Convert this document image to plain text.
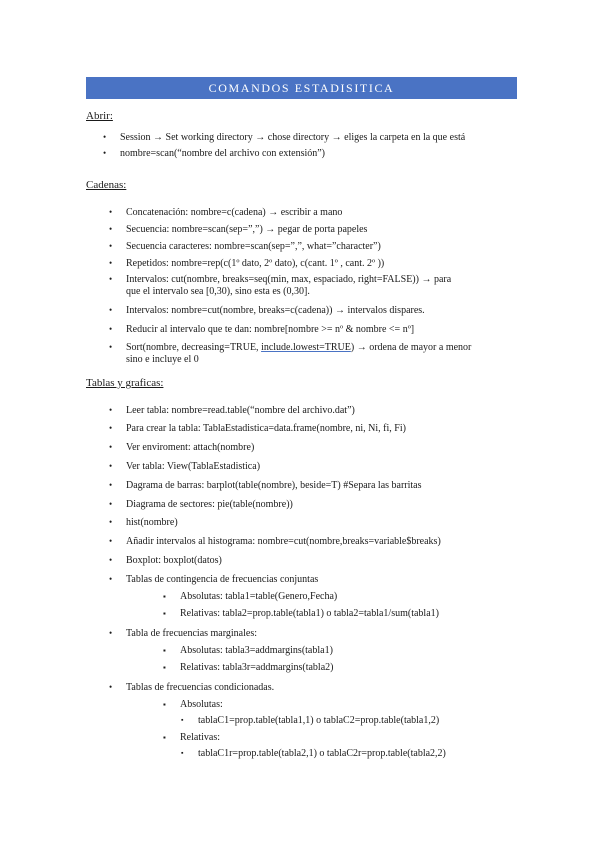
COMANDOS ESTADISITICA
Abrir:
• Session → Set working directory → chose directory → eliges la carpeta en la que está
• nombre=scan(“nombre del archivo con extensión”)
Cadenas:
• Concatenación: nombre=c(cadena) → escribir a mano
• Secuencia: nombre=scan(sep=”,”) → pegar de porta papeles
• Secuencia caracteres: nombre=scan(sep=”,”, what=”character”)
• Repetidos: nombre=rep(c(1º dato, 2º dato), c(cant. 1º , cant. 2º ))
• Intervalos: cut(nombre, breaks=seq(min, max, espaciado, right=FALSE)) → para
que el intervalo sea [0,30), sino esta es (0,30].
• Intervalos: nombre=cut(nombre, breaks=c(cadena)) → intervalos dispares.
• Reducir al intervalo que te dan: nombre[nombre >= nº & nombre <= nº]
• Sort(nombre, decreasing=TRUE, include.lowest=TRUE) → ordena de mayor a menor
sino e incluye el 0
Tablas y graficas:
• Leer tabla: nombre=read.table(“nombre del archivo.dat”)
• Para crear la tabla: TablaEstadistica=data.frame(nombre, ni, Ni, fi, Fi)
• Ver enviroment: attach(nombre)
• Ver tabla: View(TablaEstadistica)
• Dagrama de barras: barplot(table(nombre), beside=T) #Separa las barritas
• Diagrama de sectores: pie(table(nombre))
• hist(nombre)
• Añadir intervalos al histograma: nombre=cut(nombre,breaks=variable$breaks)
• Boxplot: boxplot(datos)
• Tablas de contingencia de frecuencias conjuntas
▪ Absolutas: tabla1=table(Genero,Fecha)
▪ Relativas: tabla2=prop.table(tabla1) o tabla2=tabla1/sum(tabla1)
• Tabla de frecuencias marginales:
▪ Absolutas: tabla3=addmargins(tabla1)
▪ Relativas: tabla3r=addmargins(tabla2)
• Tablas de frecuencias condicionadas.
▪ Absolutas:
▪ tablaC1=prop.table(tabla1,1) o tablaC2=prop.table(tabla1,2)
▪ Relativas:
▪ tablaC1r=prop.table(tabla2,1) o tablaC2r=prop.table(tabla2,2)
